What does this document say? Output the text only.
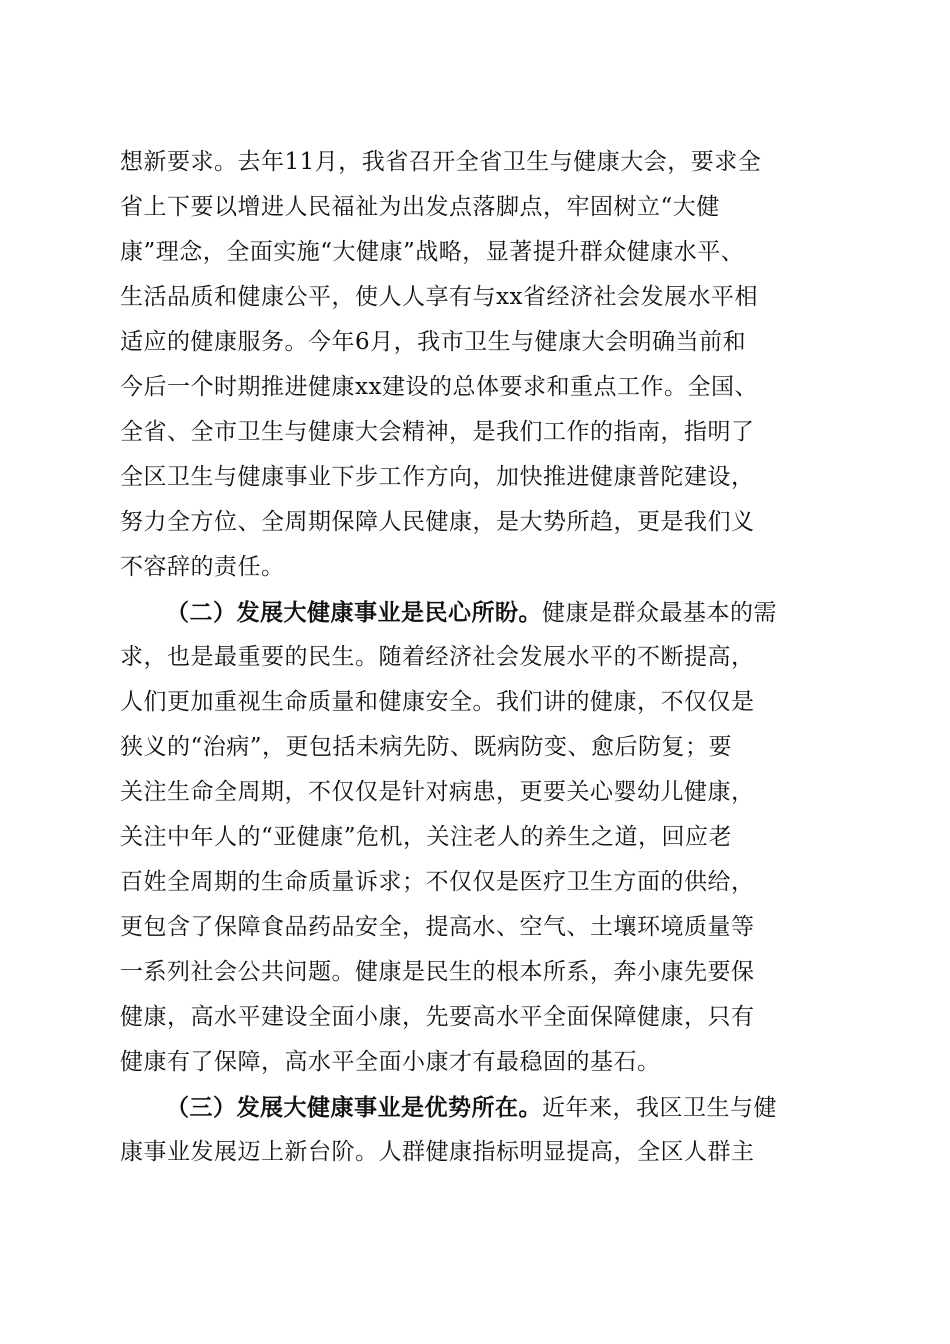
想新要求。去年11月，我省召开全省卫生与健康大会，要求全
省上下要以增进人民福祉为出发点落脚点，牢固树立“大健
康”理念，全面实施“大健康”战略，显著提升群众健康水平、
生活品质和健康公平，使人人享有与xx省经济社会发展水平相
适应的健康服务。今年6月，我市卫生与健康大会明确当前和
今后一个时期推进健康xx建设的总体要求和重点工作。全国、
全省、全市卫生与健康大会精神，是我们工作的指南，指明了
全区卫生与健康事业下步工作方向，加快推进健康普陀建设，
努力全方位、全周期保障人民健康，是大势所趋，更是我们义
不容辞的责任。
（二）发展大健康事业是民心所盼。健康是群众最基本的需
求，也是最重要的民生。随着经济社会发展水平的不断提高，
人们更加重视生命质量和健康安全。我们讲的健康，不仅仅是
狭义的“治病”，更包括未病先防、既病防变、愈后防复；要
关注生命全周期，不仅仅是针对病患，更要关心婴幼儿健康，
关注中年人的“亚健康”危机，关注老人的养生之道，回应老
百姓全周期的生命质量诉求；不仅仅是医疗卫生方面的供给，
更包含了保障食品药品安全，提高水、空气、土壤环境质量等
一系列社会公共问题。健康是民生的根本所系，奔小康先要保
健康，高水平建设全面小康，先要高水平全面保障健康，只有
健康有了保障，高水平全面小康才有最稳固的基石。
（三）发展大健康事业是优势所在。近年来，我区卫生与健
康事业发展迈上新台阶。人群健康指标明显提高，全区人群主
